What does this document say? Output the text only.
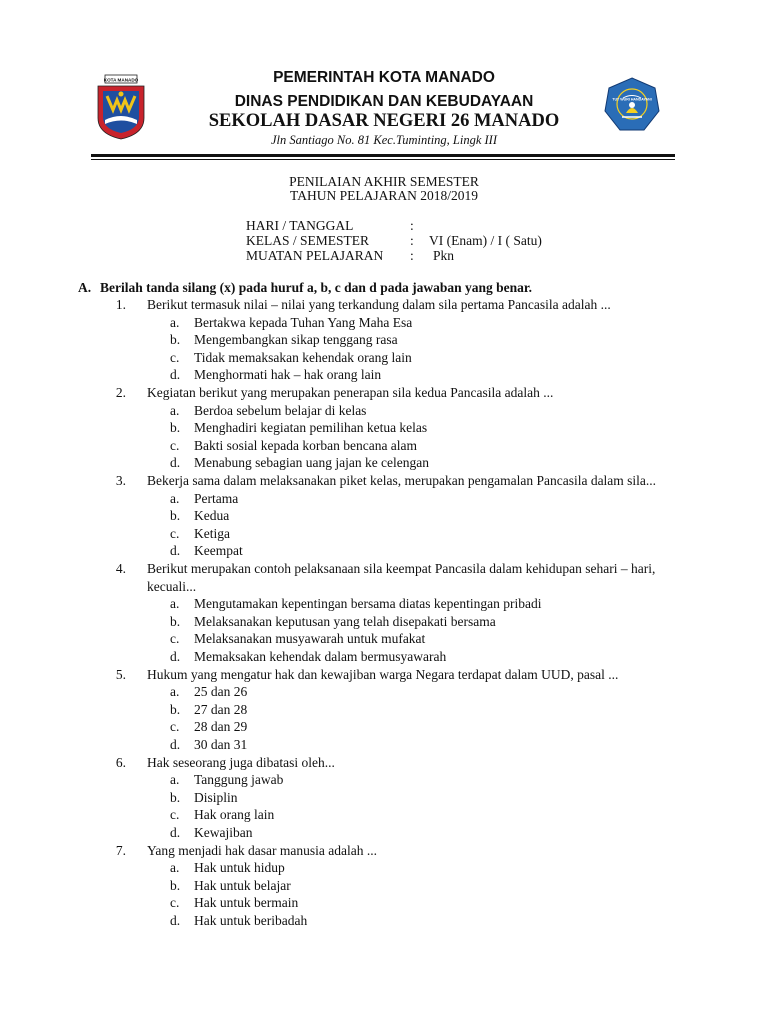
KOTA MANADO
TUT WURI HANDAYANI
PEMERINTAH KOTA MANADO
DINAS PENDIDIKAN DAN KEBUDAYAAN
SEKOLAH DASAR NEGERI 26 MANADO
Jln Santiago No. 81 Kec.Tuminting, Lingk III
PENILAIAN AKHIR SEMESTER
TAHUN PELAJARAN 2018/2019
HARI / TANGGAL	:
KELAS / SEMESTER	: VI (Enam) / I ( Satu)
MUATAN PELAJARAN : Pkn
A. Berilah tanda silang (x) pada huruf a, b, c dan d pada jawaban yang benar.
1. Berikut termasuk nilai – nilai yang terkandung dalam sila pertama Pancasila adalah ...
a.	Bertakwa kepada Tuhan Yang Maha Esa
b.	Mengembangkan sikap tenggang rasa
c.	Tidak memaksakan kehendak orang lain
d.	Menghormati hak – hak orang lain
2. Kegiatan berikut yang merupakan penerapan sila kedua Pancasila adalah ...
a.	Berdoa sebelum belajar di kelas
b.	Menghadiri kegiatan pemilihan ketua kelas
c.	Bakti sosial kepada korban bencana alam
d.	Menabung sebagian uang jajan ke celengan
3. Bekerja sama dalam melaksanakan piket kelas, merupakan pengamalan Pancasila dalam sila...
a.	Pertama
b.	Kedua
c.	Ketiga
d.	Keempat
4. Berikut merupakan contoh pelaksanaan sila keempat Pancasila dalam kehidupan sehari – hari,
kecuali...
a.	Mengutamakan kepentingan bersama diatas kepentingan pribadi
b.	Melaksanakan keputusan yang telah disepakati bersama
c.	Melaksanakan musyawarah untuk mufakat
d.	Memaksakan kehendak dalam bermusyawarah
5. Hukum yang mengatur hak dan kewajiban warga Negara terdapat dalam UUD, pasal ...
a.	25 dan 26
b.	27 dan 28
c.	28 dan 29
d.	30 dan 31
6. Hak seseorang juga dibatasi oleh...
a.	Tanggung jawab
b.	Disiplin
c.	Hak orang lain
d.	Kewajiban
7. Yang menjadi hak dasar manusia adalah ...
a.	Hak untuk hidup
b.	Hak untuk belajar
c.	Hak untuk bermain
d.	Hak untuk beribadah
